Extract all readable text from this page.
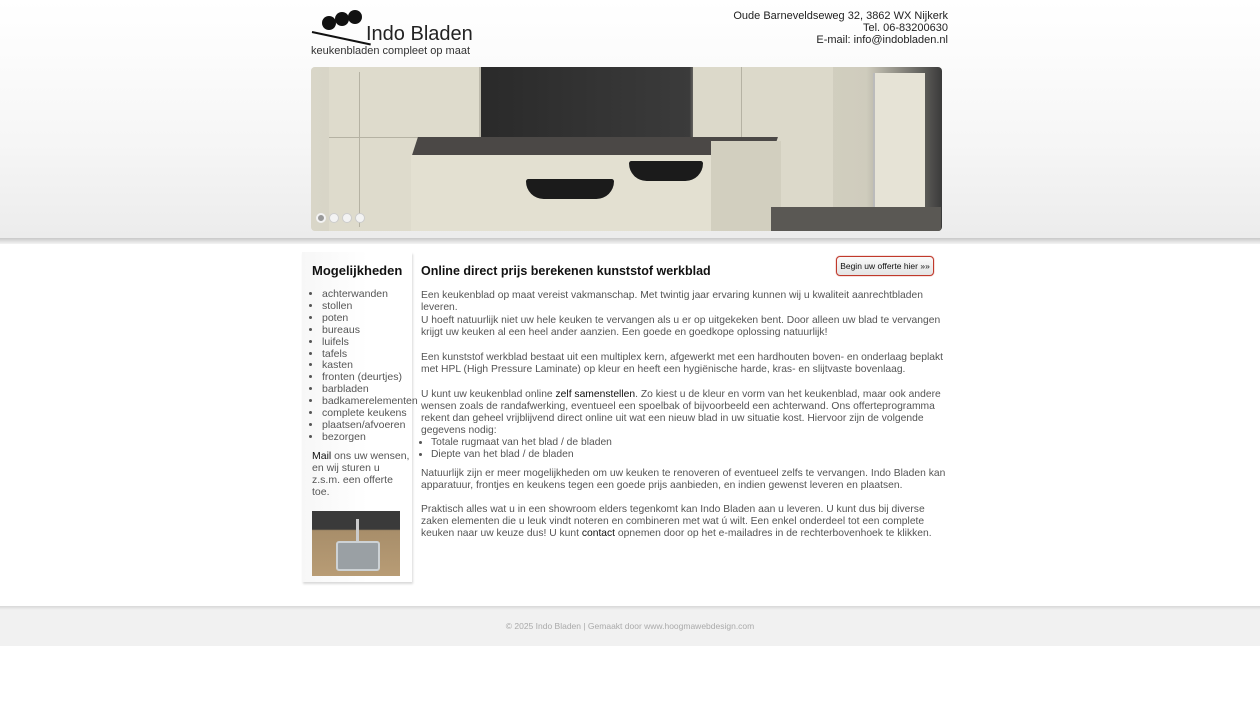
Indo Bladen
keukenbladen compleet op maat
Oude Barneveldseweg 32, 3862 WX Nijkerk
Tel. 06-83200630
E-mail: info@indobladen.nl
Mogelijkheden
• achterwanden
• stollen
• poten
• bureaus
• luifels
• tafels
• kasten
• fronten (deurtjes)
• barbladen
• badkamerelementen
• complete keukens
• plaatsen/afvoeren
• bezorgen
Mail ons uw wensen, en wij sturen u z.s.m. een offerte toe.
Online direct prijs berekenen kunststof werkblad	Begin uw offerte hier »»

Een keukenblad op maat vereist vakmanschap. Met twintig jaar ervaring kunnen wij u kwaliteit aanrechtbladen leveren.

U hoeft natuurlijk niet uw hele keuken te vervangen als u er op uitgekeken bent. Door alleen uw blad te vervangen krijgt uw keuken al een heel ander aanzien. Een goede en goedkope oplossing natuurlijk!

Een kunststof werkblad bestaat uit een multiplex kern, afgewerkt met een hardhouten boven- en onderlaag beplakt met HPL (High Pressure Laminate) op kleur en heeft een hygiënische harde, kras- en slijtvaste bovenlaag.

U kunt uw keukenblad online zelf samenstellen. Zo kiest u de kleur en vorm van het keukenblad, maar ook andere wensen zoals de randafwerking, eventueel een spoelbak of bijvoorbeeld een achterwand. Ons offerteprogramma rekent dan geheel vrijblijvend direct online uit wat een nieuw blad in uw situatie kost. Hiervoor zijn de volgende gegevens nodig:

• Totale rugmaat van het blad / de bladen
• Diepte van het blad / de bladen

Natuurlijk zijn er meer mogelijkheden om uw keuken te renoveren of eventueel zelfs te vervangen. Indo Bladen kan apparatuur, frontjes en keukens tegen een goede prijs aanbieden, en indien gewenst leveren en plaatsen.

Praktisch alles wat u in een showroom elders tegenkomt kan Indo Bladen aan u leveren. U kunt dus bij diverse zaken elementen die u leuk vindt noteren en combineren met wat ú wilt. Een enkel onderdeel tot een complete keuken naar uw keuze dus! U kunt contact opnemen door op het e-mailadres in de rechterbovenhoek te klikken.

© 2025 Indo Bladen | Gemaakt door www.hoogmawebdesign.com
